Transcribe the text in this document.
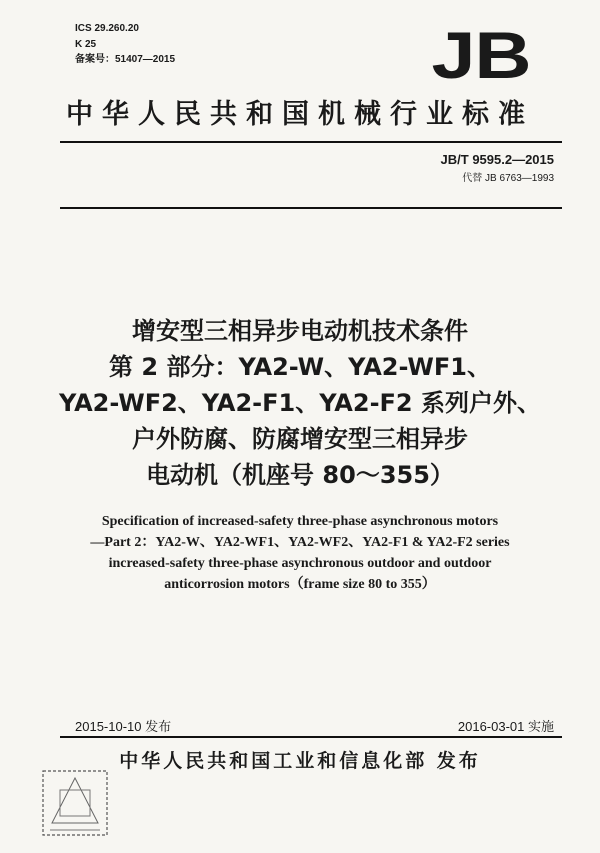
ICS 29.260.20
K 25
备案号：51407—2015	JB
中华人民共和国机械行业标准
JB/T 9595.2—2015
代替 JB 6763—1993
增安型三相异步电动机技术条件
第 2 部分：YA2-W、YA2-WF1、
YA2-WF2、YA2-F1、YA2-F2 系列户外、
户外防腐、防腐增安型三相异步
电动机（机座号 80～355）
Specification of increased-safety three-phase asynchronous motors
—Part 2：YA2-W、YA2-WF1、YA2-WF2、YA2-F1 & YA2-F2 series
increased-safety three-phase asynchronous outdoor and outdoor
anticorrosion motors（frame size 80 to 355）
2015-10-10 发布	2016-03-01 实施
中华人民共和国工业和信息化部 发布
